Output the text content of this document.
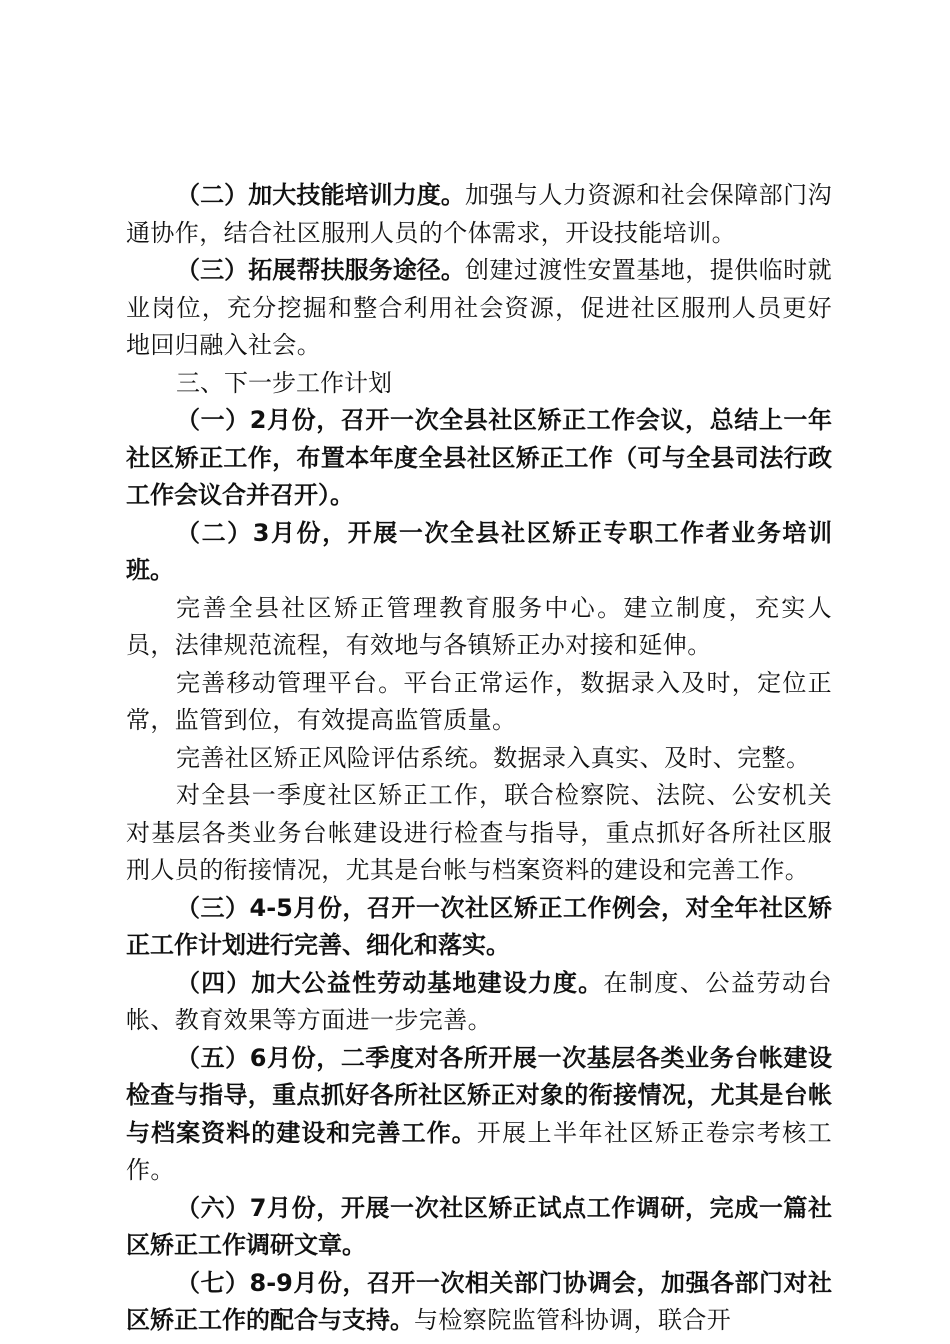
（二）加大技能培训力度。加强与人力资源和社会保障部门沟通协作，结合社区服刑人员的个体需求，开设技能培训。

（三）拓展帮扶服务途径。创建过渡性安置基地，提供临时就业岗位，充分挖掘和整合利用社会资源，促进社区服刑人员更好地回归融入社会。

三、下一步工作计划

（一）2月份，召开一次全县社区矫正工作会议，总结上一年社区矫正工作，布置本年度全县社区矫正工作（可与全县司法行政工作会议合并召开）。

（二）3月份，开展一次全县社区矫正专职工作者业务培训班。

完善全县社区矫正管理教育服务中心。建立制度，充实人员，法律规范流程，有效地与各镇矫正办对接和延伸。

完善移动管理平台。平台正常运作，数据录入及时，定位正常，监管到位，有效提高监管质量。

完善社区矫正风险评估系统。数据录入真实、及时、完整。

对全县一季度社区矫正工作，联合检察院、法院、公安机关对基层各类业务台帐建设进行检查与指导，重点抓好各所社区服刑人员的衔接情况，尤其是台帐与档案资料的建设和完善工作。

（三）4-5月份，召开一次社区矫正工作例会，对全年社区矫正工作计划进行完善、细化和落实。

（四）加大公益性劳动基地建设力度。在制度、公益劳动台帐、教育效果等方面进一步完善。

（五）6月份，二季度对各所开展一次基层各类业务台帐建设检查与指导，重点抓好各所社区矫正对象的衔接情况，尤其是台帐与档案资料的建设和完善工作。开展上半年社区矫正卷宗考核工作。

（六）7月份，开展一次社区矫正试点工作调研，完成一篇社区矫正工作调研文章。

（七）8-9月份，召开一次相关部门协调会，加强各部门对社区矫正工作的配合与支持。与检察院监管科协调，联合开
